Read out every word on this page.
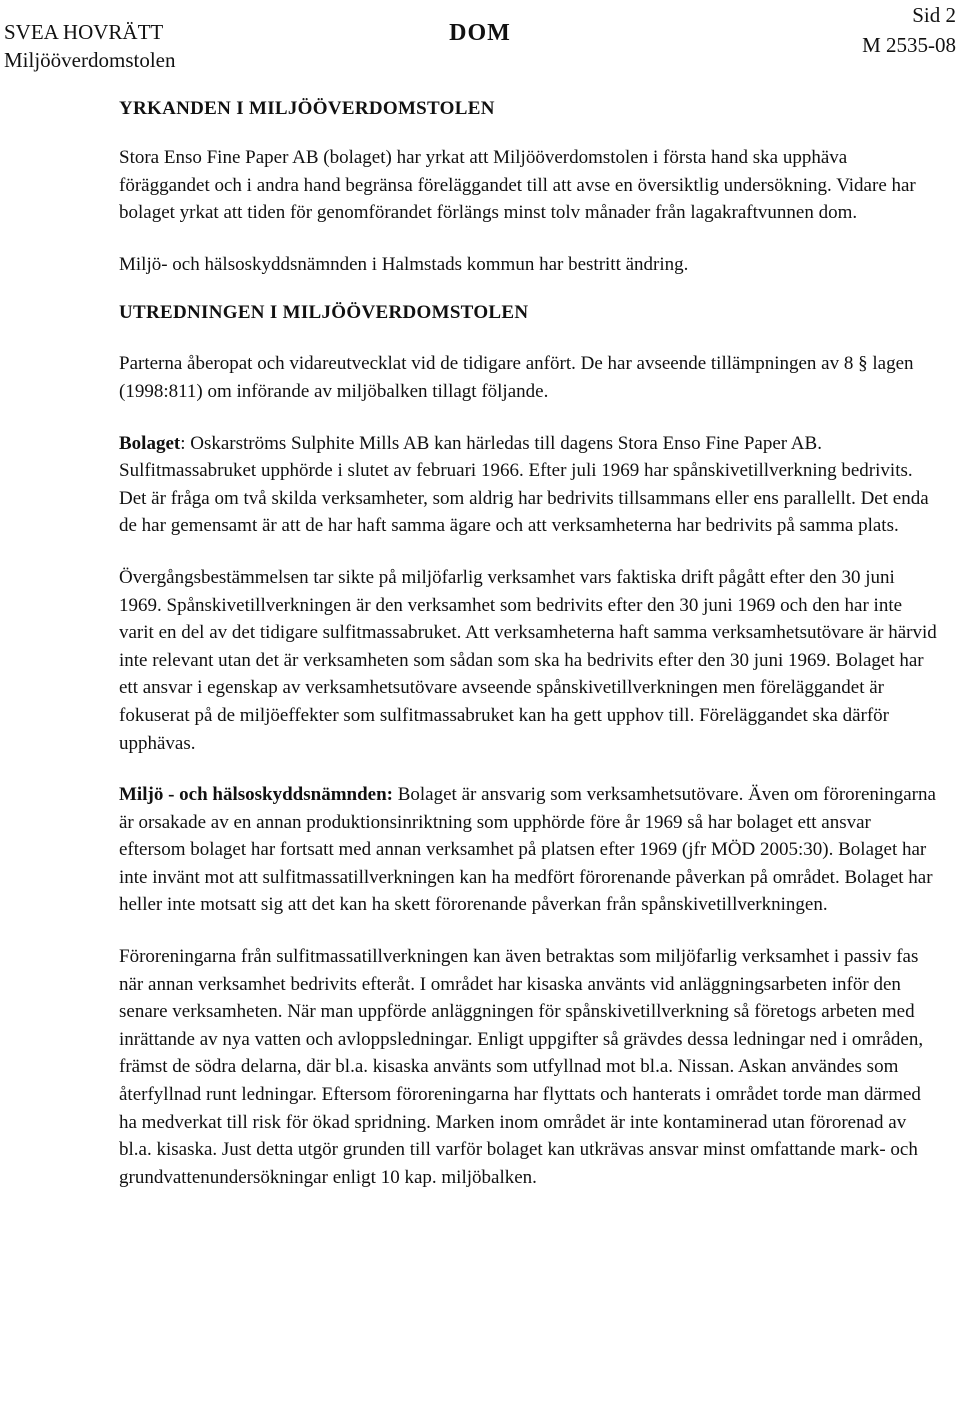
SVEA HOVRÄTT
Miljööverdomstolen
DOM
Sid 2
M 2535-08
YRKANDEN I MILJÖÖVERDOMSTOLEN

Stora Enso Fine Paper AB (bolaget) har yrkat att Miljööverdomstolen i första hand ska upphäva föräggandet och i andra hand begränsa föreläggandet till att avse en översiktlig undersökning. Vidare har bolaget yrkat att tiden för genomförandet förlängs minst tolv månader från lagakraftvunnen dom.

Miljö- och hälsoskyddsnämnden i Halmstads kommun har bestritt ändring.

UTREDNINGEN I MILJÖÖVERDOMSTOLEN

Parterna åberopat och vidareutvecklat vid de tidigare anfört. De har avseende tillämpningen av 8 § lagen (1998:811) om införande av miljöbalken tillagt följande.

Bolaget: Oskarströms Sulphite Mills AB kan härledas till dagens Stora Enso Fine Paper AB. Sulfitmassabruket upphörde i slutet av februari 1966. Efter juli 1969 har spånskivetillverkning bedrivits. Det är fråga om två skilda verksamheter, som aldrig har bedrivits tillsammans eller ens parallellt. Det enda de har gemensamt är att de har haft samma ägare och att verksamheterna har bedrivits på samma plats.

Övergångsbestämmelsen tar sikte på miljöfarlig verksamhet vars faktiska drift pågått efter den 30 juni 1969. Spånskivetillverkningen är den verksamhet som bedrivits efter den 30 juni 1969 och den har inte varit en del av det tidigare sulfitmassabruket. Att verksamheterna haft samma verksamhetsutövare är härvid inte relevant utan det är verksamheten som sådan som ska ha bedrivits efter den 30 juni 1969. Bolaget har ett ansvar i egenskap av verksamhetsutövare avseende spånskivetillverkningen men föreläggandet är fokuserat på de miljöeffekter som sulfitmassabruket kan ha gett upphov till. Föreläggandet ska därför upphävas.

Miljö - och hälsoskyddsnämnden: Bolaget är ansvarig som verksamhetsutövare. Även om föroreningarna är orsakade av en annan produktionsinriktning som upphörde före år 1969 så har bolaget ett ansvar eftersom bolaget har fortsatt med annan verksamhet på platsen efter 1969 (jfr MÖD 2005:30). Bolaget har inte invänt mot att sulfitmassatillverkningen kan ha medfört förorenande påverkan på området. Bolaget har heller inte motsatt sig att det kan ha skett förorenande påverkan från spånskivetillverkningen.

Föroreningarna från sulfitmassatillverkningen kan även betraktas som miljöfarlig verksamhet i passiv fas när annan verksamhet bedrivits efteråt. I området har kisaska använts vid anläggningsarbeten inför den senare verksamheten. När man uppförde anläggningen för spånskivetillverkning så företogs arbeten med inrättande av nya vatten och avloppsledningar. Enligt uppgifter så grävdes dessa ledningar ned i områden, främst de södra delarna, där bl.a. kisaska använts som utfyllnad mot bl.a. Nissan. Askan användes som återfyllnad runt ledningar. Eftersom föroreningarna har flyttats och hanterats i området torde man därmed ha medverkat till risk för ökad spridning. Marken inom området är inte kontaminerad utan förorenad av bl.a. kisaska. Just detta utgör grunden till varför bolaget kan utkrävas ansvar minst omfattande mark- och grundvattenundersökningar enligt 10 kap. miljöbalken.
